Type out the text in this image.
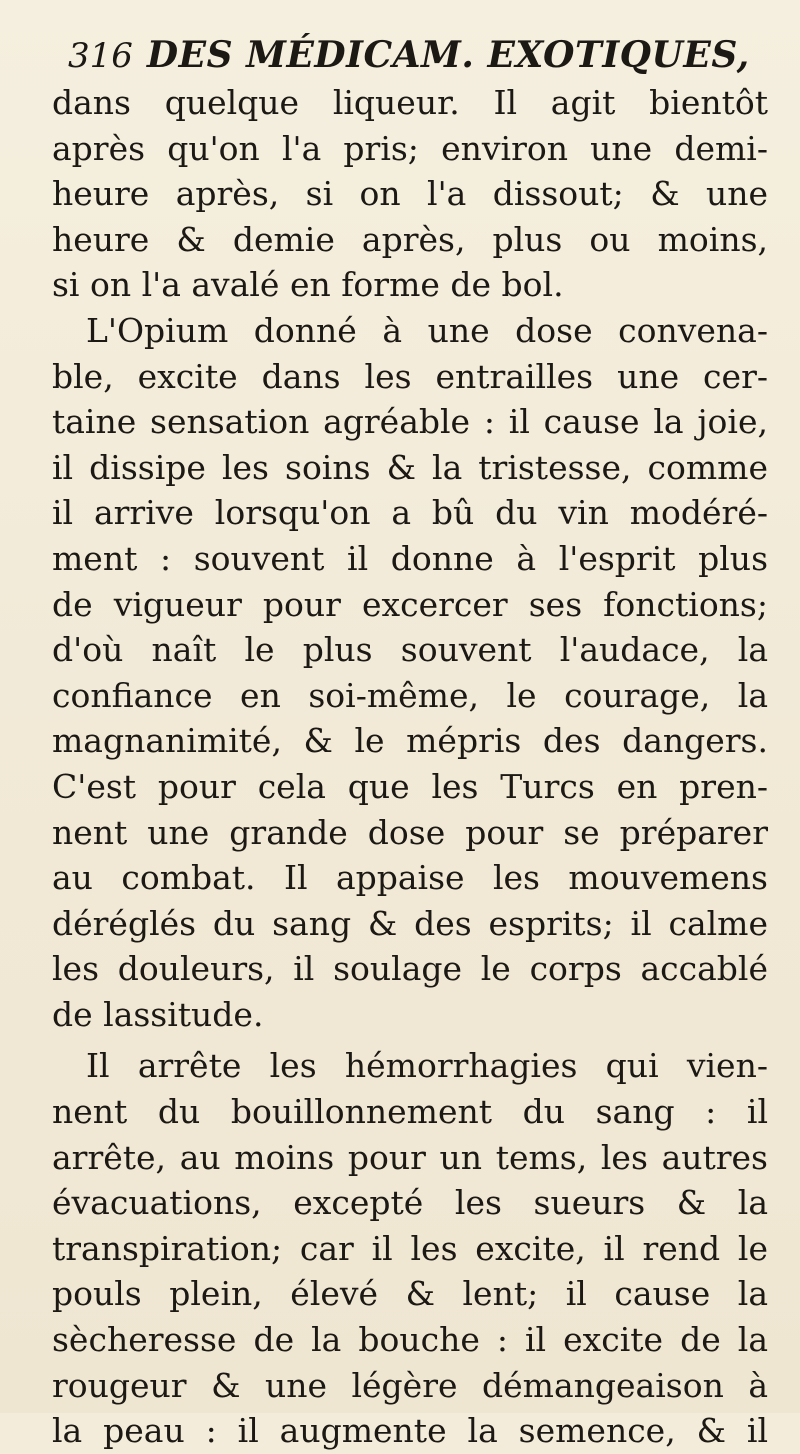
316 DES MÉDICAM. EXOTIQUES,
dans quelque liqueur. Il agit bientôt
après qu'on l'a pris; environ une demi-
heure après, si on l'a dissout; & une
heure & demie après, plus ou moins,
si on l'a avalé en forme de bol.
L'Opium donné à une dose convena-
ble, excite dans les entrailles une cer-
taine sensation agréable : il cause la joie,
il dissipe les soins & la tristesse, comme
il arrive lorsqu'on a bû du vin modéré-
ment : souvent il donne à l'esprit plus
de vigueur pour excercer ses fonctions;
d'où naît le plus souvent l'audace, la
confiance en soi-même, le courage, la
magnanimité, & le mépris des dangers.
C'est pour cela que les Turcs en pren-
nent une grande dose pour se préparer
au combat. Il appaise les mouvemens
déréglés du sang & des esprits; il calme
les douleurs, il soulage le corps accablé
de lassitude.
Il arrête les hémorrhagies qui vien-
nent du bouillonnement du sang : il
arrête, au moins pour un tems, les autres
évacuations, excepté les sueurs & la
transpiration; car il les excite, il rend le
pouls plein, élevé & lent; il cause la
sècheresse de la bouche : il excite de la
rougeur & une légère démangeaison à
la peau : il augmente la semence, & il
